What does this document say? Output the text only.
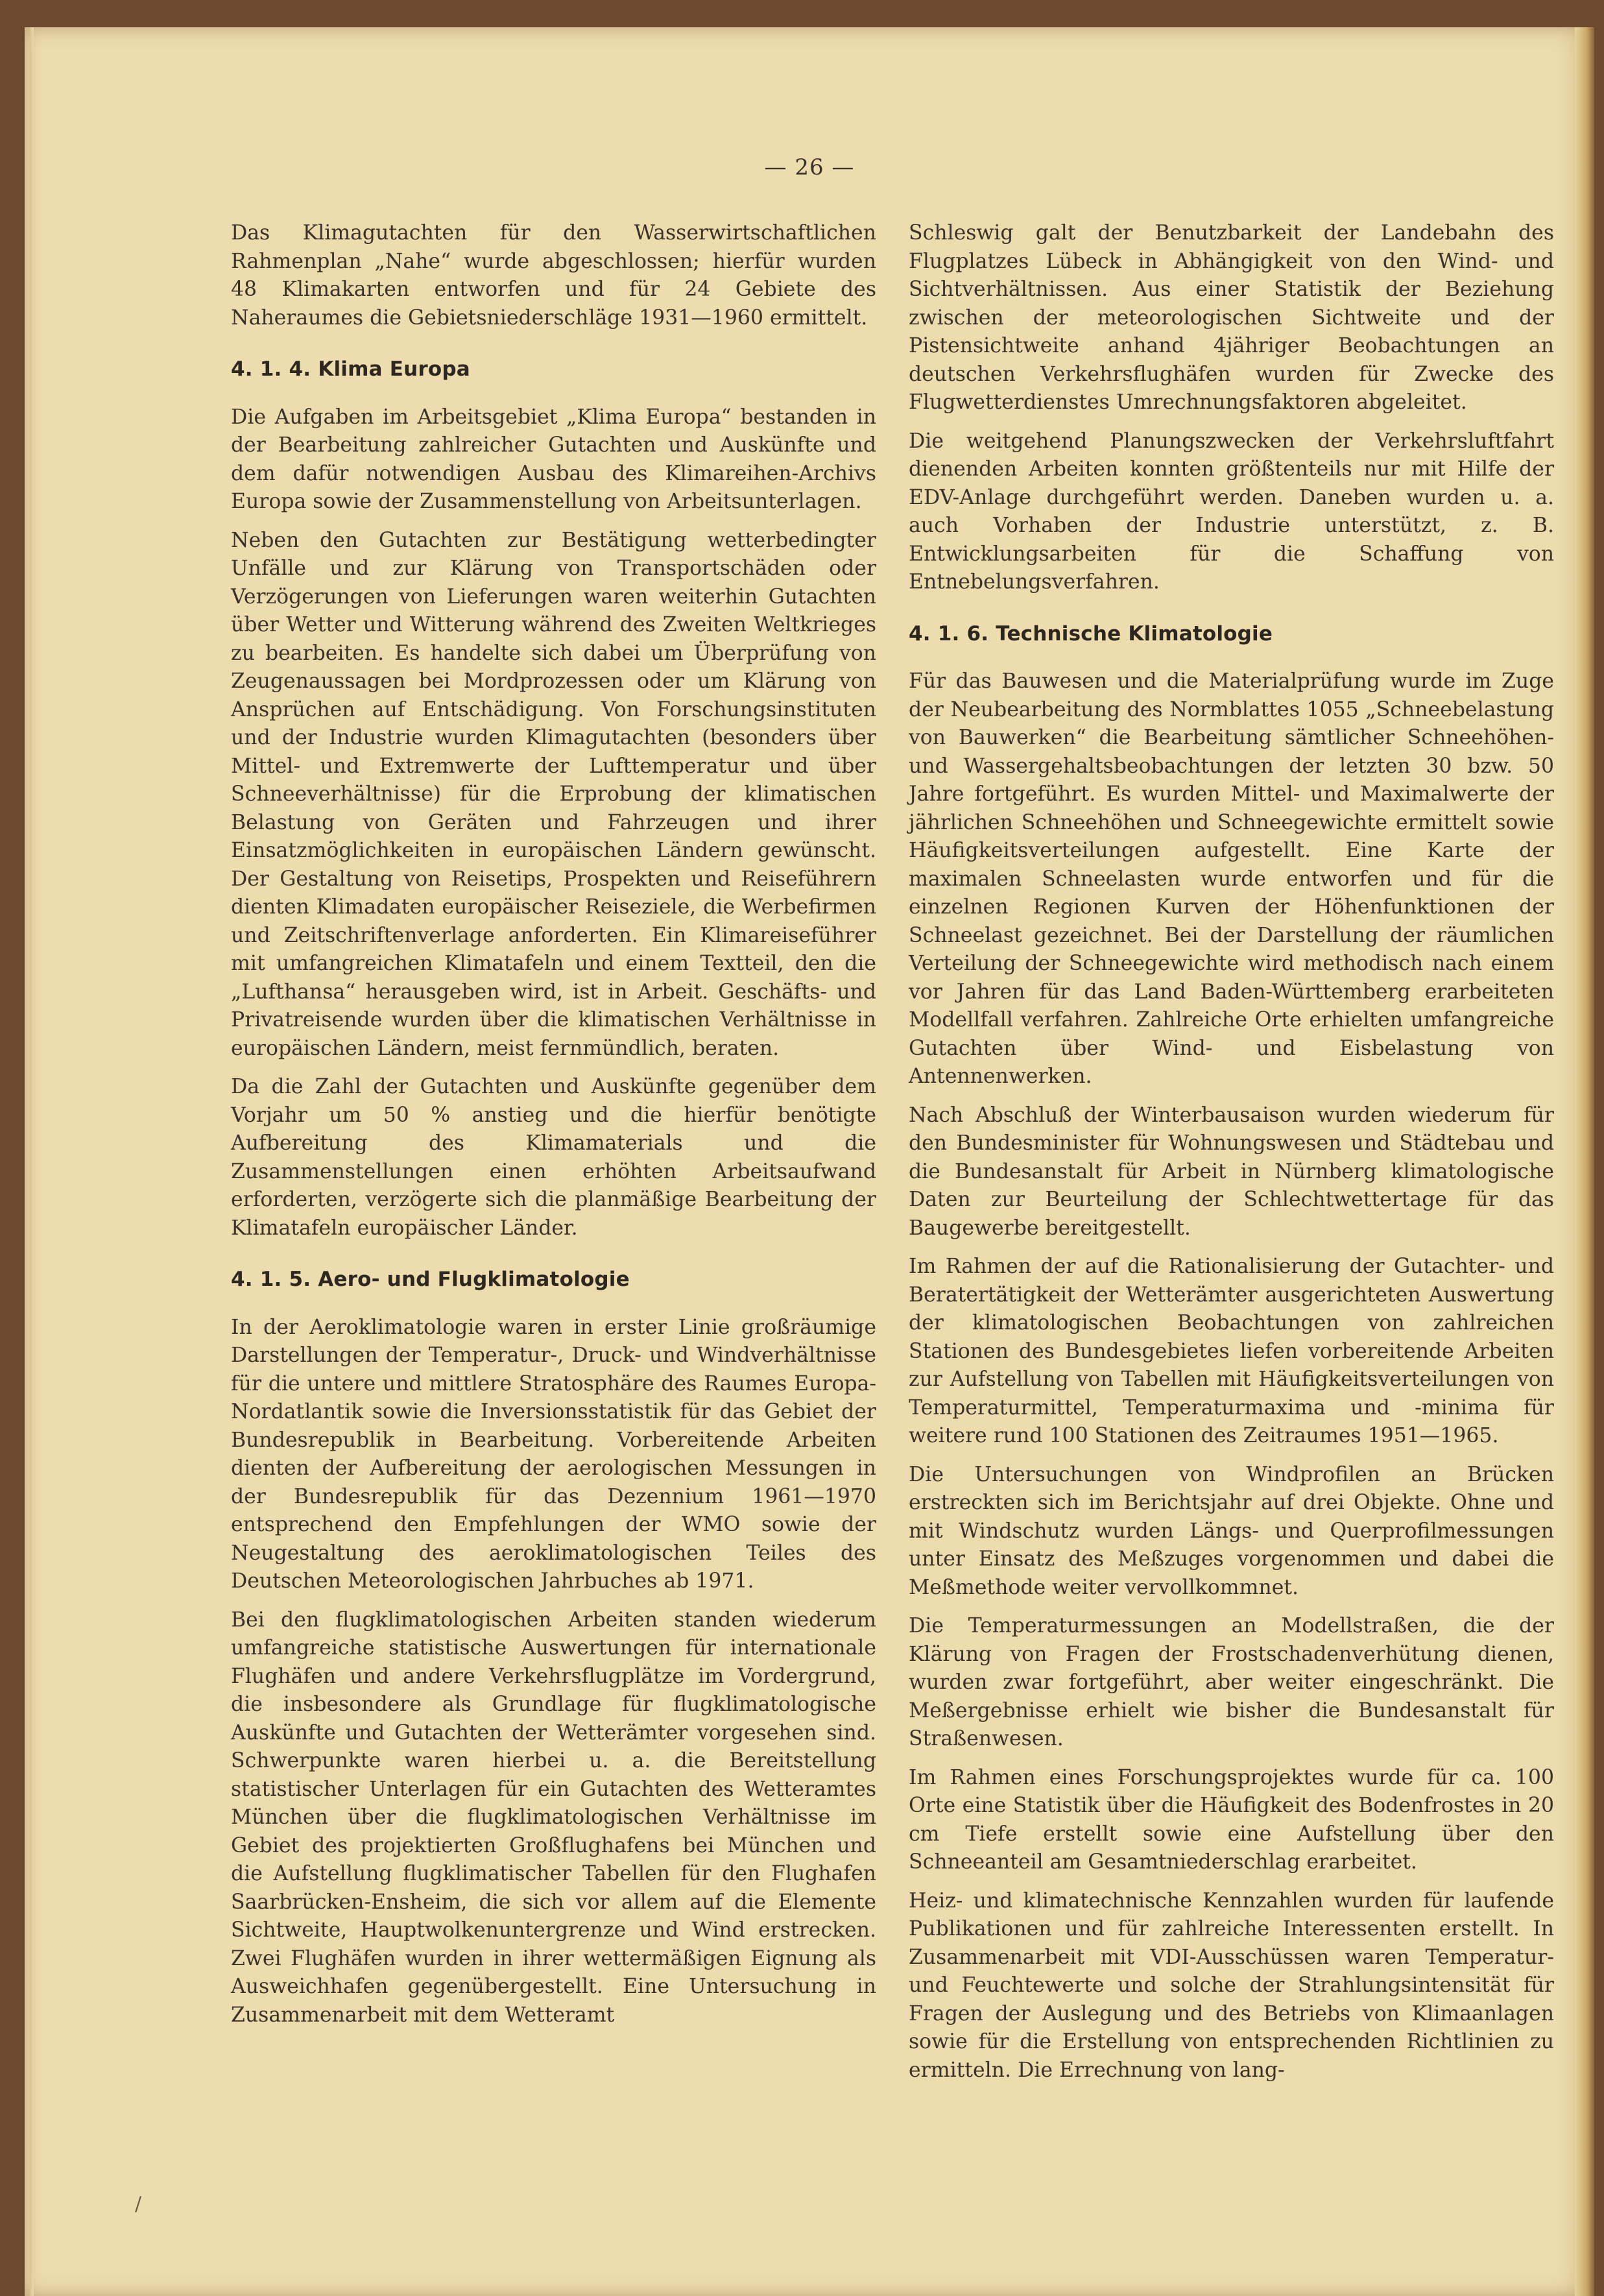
— 26 —

Das Klimagutachten für den Wasserwirtschaftlichen Rahmenplan „Nahe“ wurde abgeschlossen; hierfür wurden 48 Klimakarten entworfen und für 24 Gebiete des Naheraumes die Gebietsniederschläge 1931—1960 ermittelt.

4. 1. 4. Klima Europa

Die Aufgaben im Arbeitsgebiet „Klima Europa“ bestanden in der Bearbeitung zahlreicher Gutachten und Auskünfte und dem dafür notwendigen Ausbau des Klimareihen-Archivs Europa sowie der Zusammenstellung von Arbeitsunterlagen.

Neben den Gutachten zur Bestätigung wetterbedingter Unfälle und zur Klärung von Transportschäden oder Verzögerungen von Lieferungen waren weiterhin Gutachten über Wetter und Witterung während des Zweiten Weltkrieges zu bearbeiten. Es handelte sich dabei um Überprüfung von Zeugenaussagen bei Mordprozessen oder um Klärung von Ansprüchen auf Entschädigung. Von Forschungsinstituten und der Industrie wurden Klimagutachten (besonders über Mittel- und Extremwerte der Lufttemperatur und über Schneeverhältnisse) für die Erprobung der klimatischen Belastung von Geräten und Fahrzeugen und ihrer Einsatzmöglichkeiten in europäischen Ländern gewünscht. Der Gestaltung von Reisetips, Prospekten und Reiseführern dienten Klimadaten europäischer Reiseziele, die Werbefirmen und Zeitschriftenverlage anforderten. Ein Klimareiseführer mit umfangreichen Klimatafeln und einem Textteil, den die „Lufthansa“ herausgeben wird, ist in Arbeit. Geschäfts- und Privatreisende wurden über die klimatischen Verhältnisse in europäischen Ländern, meist fernmündlich, beraten.

Da die Zahl der Gutachten und Auskünfte gegenüber dem Vorjahr um 50 % anstieg und die hierfür benötigte Aufbereitung des Klimamaterials und die Zusammenstellungen einen erhöhten Arbeitsaufwand erforderten, verzögerte sich die planmäßige Bearbeitung der Klimatafeln europäischer Länder.

4. 1. 5. Aero- und Flugklimatologie

In der Aeroklimatologie waren in erster Linie großräumige Darstellungen der Temperatur-, Druck- und Windverhältnisse für die untere und mittlere Stratosphäre des Raumes Europa-Nordatlantik sowie die Inversionsstatistik für das Gebiet der Bundesrepublik in Bearbeitung. Vorbereitende Arbeiten dienten der Aufbereitung der aerologischen Messungen in der Bundesrepublik für das Dezennium 1961—1970 entsprechend den Empfehlungen der WMO sowie der Neugestaltung des aeroklimatologischen Teiles des Deutschen Meteorologischen Jahrbuches ab 1971.

Bei den flugklimatologischen Arbeiten standen wiederum umfangreiche statistische Auswertungen für internationale Flughäfen und andere Verkehrsflugplätze im Vordergrund, die insbesondere als Grundlage für flugklimatologische Auskünfte und Gutachten der Wetterämter vorgesehen sind. Schwerpunkte waren hierbei u. a. die Bereitstellung statistischer Unterlagen für ein Gutachten des Wetteramtes München über die flugklimatologischen Verhältnisse im Gebiet des projektierten Großflughafens bei München und die Aufstellung flugklimatischer Tabellen für den Flughafen Saarbrücken-Ensheim, die sich vor allem auf die Elemente Sichtweite, Hauptwolkenuntergrenze und Wind erstrecken. Zwei Flughäfen wurden in ihrer wettermäßigen Eignung als Ausweichhafen gegenübergestellt. Eine Untersuchung in Zusammenarbeit mit dem Wetteramt

Schleswig galt der Benutzbarkeit der Landebahn des Flugplatzes Lübeck in Abhängigkeit von den Wind- und Sichtverhältnissen. Aus einer Statistik der Beziehung zwischen der meteorologischen Sichtweite und der Pistensichtweite anhand 4jähriger Beobachtungen an deutschen Verkehrsflughäfen wurden für Zwecke des Flugwetterdienstes Umrechnungsfaktoren abgeleitet.

Die weitgehend Planungszwecken der Verkehrsluftfahrt dienenden Arbeiten konnten größtenteils nur mit Hilfe der EDV-Anlage durchgeführt werden. Daneben wurden u. a. auch Vorhaben der Industrie unterstützt, z. B. Entwicklungsarbeiten für die Schaffung von Entnebelungsverfahren.

4. 1. 6. Technische Klimatologie

Für das Bauwesen und die Materialprüfung wurde im Zuge der Neubearbeitung des Normblattes 1055 „Schneebelastung von Bauwerken“ die Bearbeitung sämtlicher Schneehöhen- und Wassergehaltsbeobachtungen der letzten 30 bzw. 50 Jahre fortgeführt. Es wurden Mittel- und Maximalwerte der jährlichen Schneehöhen und Schneegewichte ermittelt sowie Häufigkeitsverteilungen aufgestellt. Eine Karte der maximalen Schneelasten wurde entworfen und für die einzelnen Regionen Kurven der Höhenfunktionen der Schneelast gezeichnet. Bei der Darstellung der räumlichen Verteilung der Schneegewichte wird methodisch nach einem vor Jahren für das Land Baden-Württemberg erarbeiteten Modellfall verfahren. Zahlreiche Orte erhielten umfangreiche Gutachten über Wind- und Eisbelastung von Antennenwerken.

Nach Abschluß der Winterbausaison wurden wiederum für den Bundesminister für Wohnungswesen und Städtebau und die Bundesanstalt für Arbeit in Nürnberg klimatologische Daten zur Beurteilung der Schlechtwettertage für das Baugewerbe bereitgestellt.

Im Rahmen der auf die Rationalisierung der Gutachter- und Beratertätigkeit der Wetterämter ausgerichteten Auswertung der klimatologischen Beobachtungen von zahlreichen Stationen des Bundesgebietes liefen vorbereitende Arbeiten zur Aufstellung von Tabellen mit Häufigkeitsverteilungen von Temperaturmittel, Temperaturmaxima und -minima für weitere rund 100 Stationen des Zeitraumes 1951—1965.

Die Untersuchungen von Windprofilen an Brücken erstreckten sich im Berichtsjahr auf drei Objekte. Ohne und mit Windschutz wurden Längs- und Querprofilmessungen unter Einsatz des Meßzuges vorgenommen und dabei die Meßmethode weiter vervollkommnet.

Die Temperaturmessungen an Modellstraßen, die der Klärung von Fragen der Frostschadenverhütung dienen, wurden zwar fortgeführt, aber weiter eingeschränkt. Die Meßergebnisse erhielt wie bisher die Bundesanstalt für Straßenwesen.

Im Rahmen eines Forschungsprojektes wurde für ca. 100 Orte eine Statistik über die Häufigkeit des Bodenfrostes in 20 cm Tiefe erstellt sowie eine Aufstellung über den Schneeanteil am Gesamtniederschlag erarbeitet.

Heiz- und klimatechnische Kennzahlen wurden für laufende Publikationen und für zahlreiche Interessenten erstellt. In Zusammenarbeit mit VDI-Ausschüssen waren Temperatur- und Feuchtewerte und solche der Strahlungsintensität für Fragen der Auslegung und des Betriebs von Klimaanlagen sowie für die Erstellung von entsprechenden Richtlinien zu ermitteln. Die Errechnung von lang-

/
